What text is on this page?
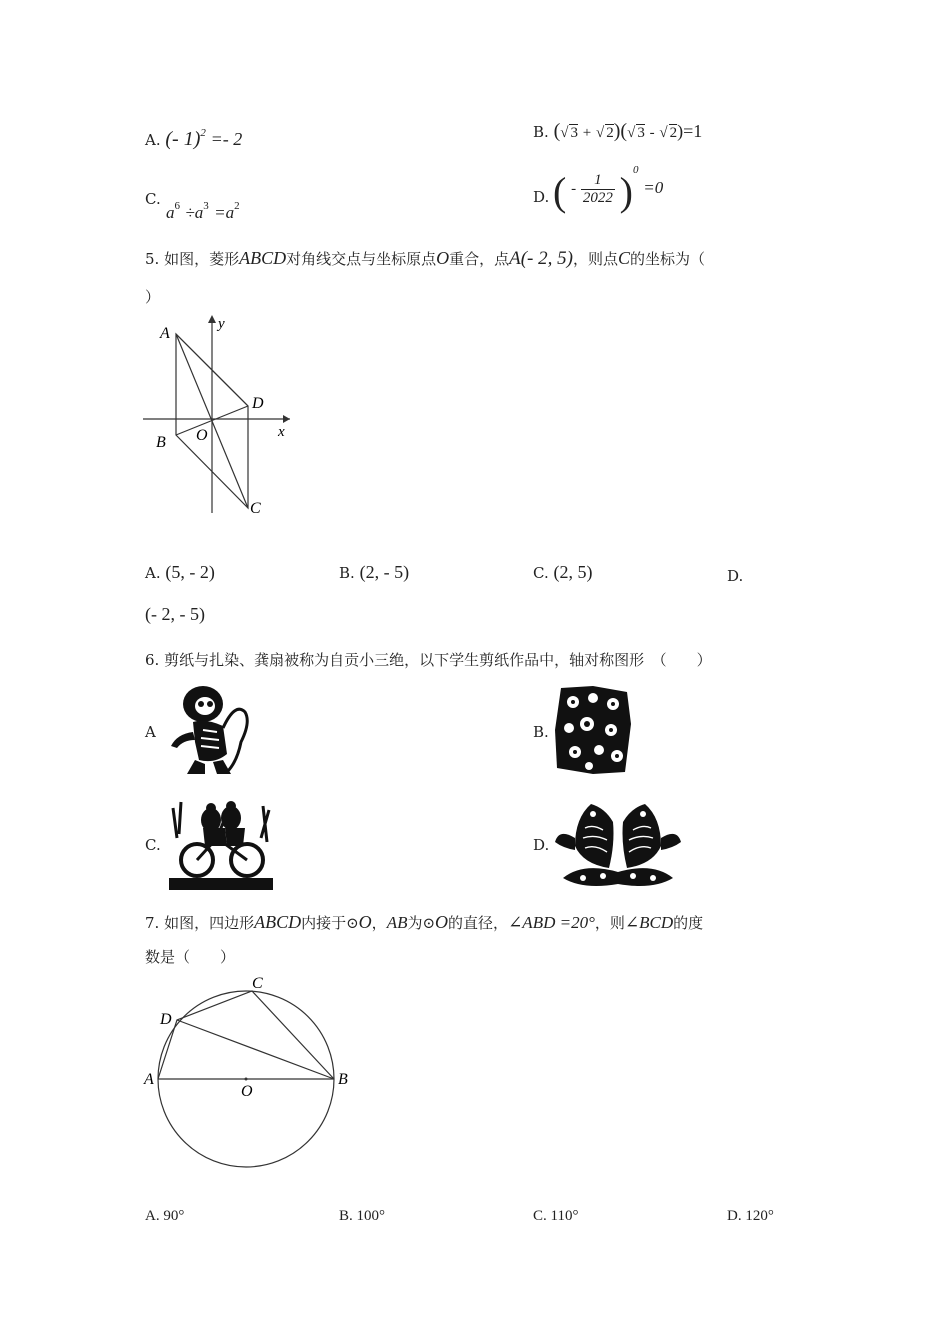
A. (- 1)$^2$ =- 2	B. (√ 3 + √ 2)(√ 3 - √ 2)=1
C.
$a^6 \div a^3 =a^2$	D. ( - $\frac{1}{2022} )^0 =0$
5. 如图，菱形ABCD对角线交点与坐标原点O重合，点A(- 2, 5)，则点C的坐标为（
）
A
B
C
D
O	x
y
A. (5, - 2)	B. (2, - 5)	C. (2, 5)	D.
(- 2, - 5)
6. 剪纸与扎染、龚扇被称为自贡小三绝，以下学生剪纸作品中，轴对称图形　（　　）
A	B.
C.	D.
7. 如图，四边形ABCD内接于⊙O，AB为⊙O的直径，∠ABD =20°，则∠BCD的度
数是（　　）
A	B
C
D
O
A. 90°	B. 100°	C. 110°	D. 120°
